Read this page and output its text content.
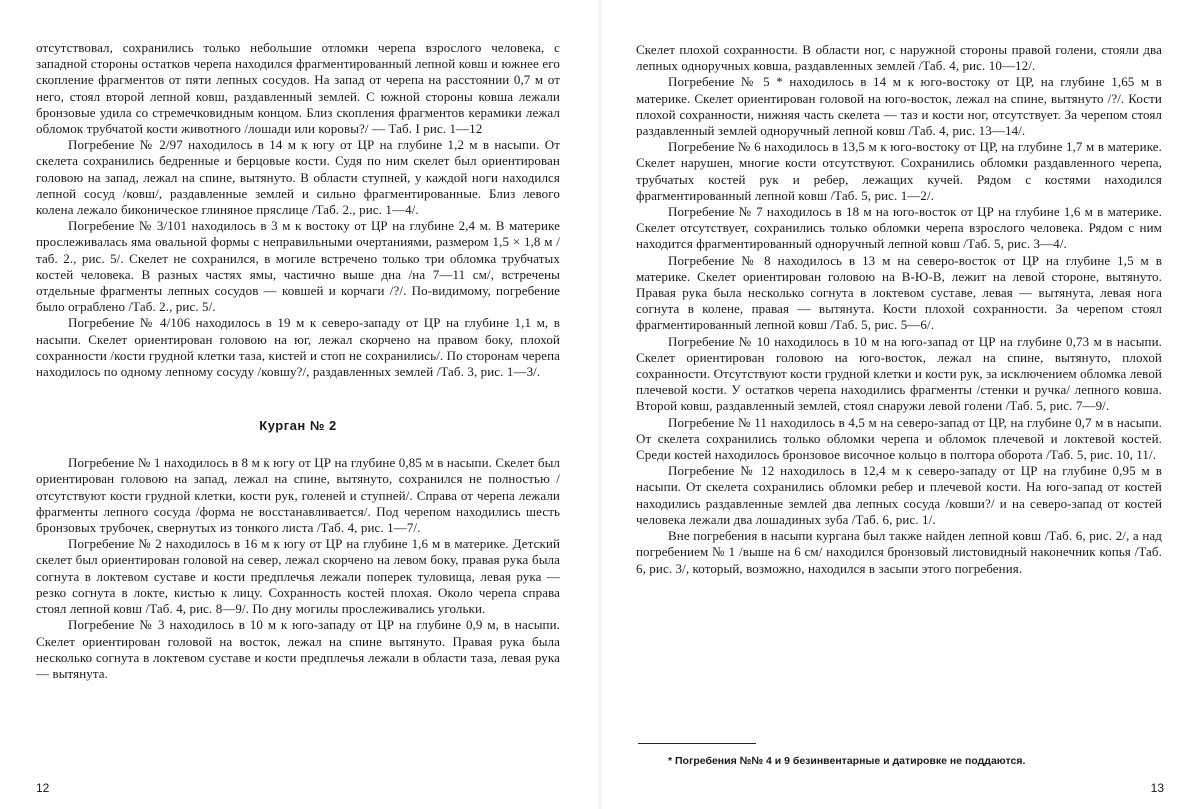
отсутствовал, сохранились только небольшие отломки черепа взрослого человека, с западной стороны остатков черепа находился фрагментированный лепной ковш и южнее его скопление фрагментов от пяти лепных сосудов. На запад от черепа на расстоянии 0,7 м от него, стоял второй лепной ковш, раздавленный землей. С южной стороны ковша лежали бронзовые удила со стремечковидным концом. Близ скопления фрагментов керамики лежал обломок трубчатой кости животного /лошади или коровы?/ — Таб. I рис. 1—12

Погребение № 2/97 находилось в 14 м к югу от ЦР на глубине 1,2 м в насыпи. От скелета сохранились бедренные и берцовые кости. Судя по ним скелет был ориентирован головою на запад, лежал на спине, вытянуто. В области ступней, у каждой ноги находился лепной сосуд /ковш/, раздавленные землей и сильно фрагментированные. Близ левого колена лежало биконическое глиняное пряслице /Таб. 2., рис. 1—4/.

Погребение № 3/101 находилось в 3 м к востоку от ЦР на глубине 2,4 м. В материке прослеживалась яма овальной формы с неправильными очертаниями, размером 1,5 × 1,8 м /таб. 2., рис. 5/. Скелет не сохранился, в могиле встречено только три обломка трубчатых костей человека. В разных частях ямы, частично выше дна /на 7—11 см/, встречены отдельные фрагменты лепных сосудов — ковшей и корчаги /?/. По-видимому, погребение было ограблено /Таб. 2., рис. 5/.

Погребение № 4/106 находилось в 19 м к северо-западу от ЦР на глубине 1,1 м, в насыпи. Скелет ориентирован головою на юг, лежал скорчено на правом боку, плохой сохранности /кости грудной клетки таза, кистей и стоп не сохранились/. По сторонам черепа находилось по одному лепному сосуду /ковшу?/, раздавленных землей /Таб. 3, рис. 1—3/.

Курган № 2

Погребение № 1 находилось в 8 м к югу от ЦР на глубине 0,85 м в насыпи. Скелет был ориентирован головою на запад, лежал на спине, вытянуто, сохранился не полностью /отсутствуют кости грудной клетки, кости рук, голеней и ступней/. Справа от черепа лежали фрагменты лепного сосуда /форма не восстанавливается/. Под черепом находились шесть бронзовых трубочек, свернутых из тонкого листа /Таб. 4, рис. 1—7/.

Погребение № 2 находилось в 16 м к югу от ЦР на глубине 1,6 м в материке. Детский скелет был ориентирован головой на север, лежал скорчено на левом боку, правая рука была согнута в локтевом суставе и кости предплечья лежали поперек туловища, левая рука — резко согнута в локте, кистью к лицу. Сохранность костей плохая. Около черепа справа стоял лепной ковш /Таб. 4, рис. 8—9/. По дну могилы прослеживались угольки.

Погребение № 3 находилось в 10 м к юго-западу от ЦР на глубине 0,9 м, в насыпи. Скелет ориентирован головой на восток, лежал на спине вытянуто. Правая рука была несколько согнута в локтевом суставе и кости предплечья лежали в области таза, левая рука — вытянута.

12

Скелет плохой сохранности. В области ног, с наружной стороны правой голени, стояли два лепных одноручных ковша, раздавленных землей /Таб. 4, рис. 10—12/.

Погребение № 5 * находилось в 14 м к юго-востоку от ЦР, на глубине 1,65 м в материке. Скелет ориентирован головой на юго-восток, лежал на спине, вытянуто /?/. Кости плохой сохранности, нижняя часть скелета — таз и кости ног, отсутствует. За черепом стоял раздавленный землей одноручный лепной ковш /Таб. 4, рис. 13—14/.

Погребение № 6 находилось в 13,5 м к юго-востоку от ЦР, на глубине 1,7 м в материке. Скелет нарушен, многие кости отсутствуют. Сохранились обломки раздавленного черепа, трубчатых костей рук и ребер, лежащих кучей. Рядом с костями находился фрагментированный лепной ковш /Таб. 5, рис. 1—2/.

Погребение № 7 находилось в 18 м на юго-восток от ЦР на глубине 1,6 м в материке. Скелет отсутствует, сохранились только обломки черепа взрослого человека. Рядом с ним находится фрагментированный одноручный лепной ковш /Таб. 5, рис. 3—4/.

Погребение № 8 находилось в 13 м на северо-восток от ЦР на глубине 1,5 м в материке. Скелет ориентирован головою на В-Ю-В, лежит на левой стороне, вытянуто. Правая рука была несколько согнута в локтевом суставе, левая — вытянута, левая нога согнута в колене, правая — вытянута. Кости плохой сохранности. За черепом стоял фрагментированный лепной ковш /Таб. 5, рис. 5—6/.

Погребение № 10 находилось в 10 м на юго-запад от ЦР на глубине 0,73 м в насыпи. Скелет ориентирован головою на юго-восток, лежал на спине, вытянуто, плохой сохранности. Отсутствуют кости грудной клетки и кости рук, за исключением обломка левой плечевой кости. У остатков черепа находились фрагменты /стенки и ручка/ лепного ковша. Второй ковш, раздавленный землей, стоял снаружи левой голени /Таб. 5, рис. 7—9/.

Погребение № 11 находилось в 4,5 м на северо-запад от ЦР, на глубине 0,7 м в насыпи. От скелета сохранились только обломки черепа и обломок плечевой и локтевой костей. Среди костей находилось бронзовое височное кольцо в полтора оборота /Таб. 5, рис. 10, 11/.

Погребение № 12 находилось в 12,4 м к северо-западу от ЦР на глубине 0,95 м в насыпи. От скелета сохранились обломки ребер и плечевой кости. На юго-запад от костей находились раздавленные землей два лепных сосуда /ковши?/ и на северо-запад от костей человека лежали два лошадиных зуба /Таб. 6, рис. 1/.

Вне погребения в насыпи кургана был также найден лепной ковш /Таб. 6, рис. 2/, а над погребением № 1 /выше на 6 см/ находился бронзовый листовидный наконечник копья /Таб. 6, рис. 3/, который, возможно, находился в засыпи этого погребения.

* Погребения №№ 4 и 9 безинвентарные и датировке не поддаются.
13
